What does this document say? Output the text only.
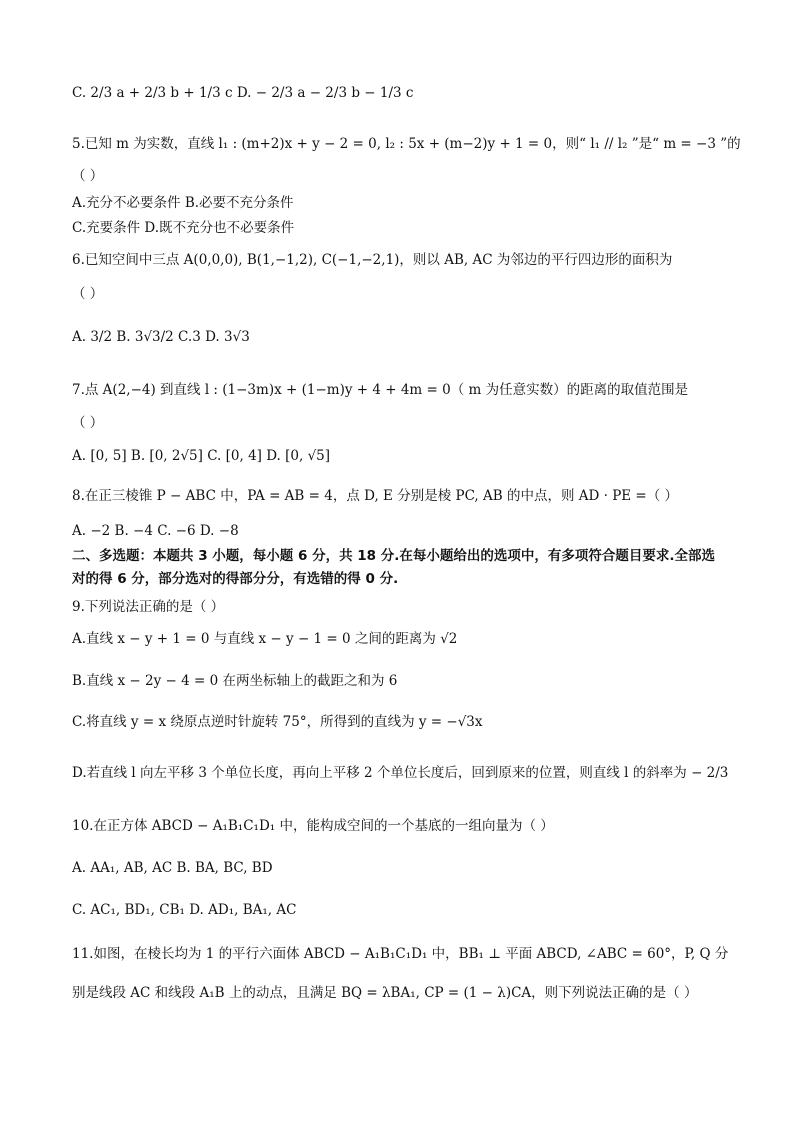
C. 2/3 a + 2/3 b + 1/3 c D. − 2/3 a − 2/3 b − 1/3 c
5.已知 m 为实数，直线 l₁ : (m+2)x + y − 2 = 0, l₂ : 5x + (m−2)y + 1 = 0，则“ l₁ // l₂ ”是“ m = −3 ”的
（ ）
A.充分不必要条件 B.必要不充分条件
C.充要条件 D.既不充分也不必要条件
6.已知空间中三点 A(0,0,0), B(1,−1,2), C(−1,−2,1)，则以 AB, AC 为邻边的平行四边形的面积为
（ ）
A. 3/2 B. 3√3/2 C.3 D. 3√3
7.点 A(2,−4) 到直线 l : (1−3m)x + (1−m)y + 4 + 4m = 0（ m 为任意实数）的距离的取值范围是
（ ）
A. [0, 5] B. [0, 2√5] C. [0, 4] D. [0, √5]
8.在正三棱锥 P − ABC 中，PA = AB = 4，点 D, E 分别是棱 PC, AB 的中点，则 AD · PE =（ ）
A. −2 B. −4 C. −6 D. −8
二、多选题：本题共 3 小题，每小题 6 分，共 18 分.在每小题给出的选项中，有多项符合题目要求.全部选对的得 6 分，部分选对的得部分分，有选错的得 0 分.
9.下列说法正确的是（ ）
A.直线 x − y + 1 = 0 与直线 x − y − 1 = 0 之间的距离为 √2
B.直线 x − 2y − 4 = 0 在两坐标轴上的截距之和为 6
C.将直线 y = x 绕原点逆时针旋转 75°，所得到的直线为 y = −√3x
D.若直线 l 向左平移 3 个单位长度，再向上平移 2 个单位长度后，回到原来的位置，则直线 l 的斜率为 − 2/3
10.在正方体 ABCD − A₁B₁C₁D₁ 中，能构成空间的一个基底的一组向量为（ ）
A. AA₁, AB, AC B. BA, BC, BD
C. AC₁, BD₁, CB₁ D. AD₁, BA₁, AC
11.如图，在棱长均为 1 的平行六面体 ABCD − A₁B₁C₁D₁ 中，BB₁ ⊥ 平面 ABCD, ∠ABC = 60°，P, Q 分
别是线段 AC 和线段 A₁B 上的动点，且满足 BQ = λBA₁, CP = (1 − λ)CA，则下列说法正确的是（ ）
